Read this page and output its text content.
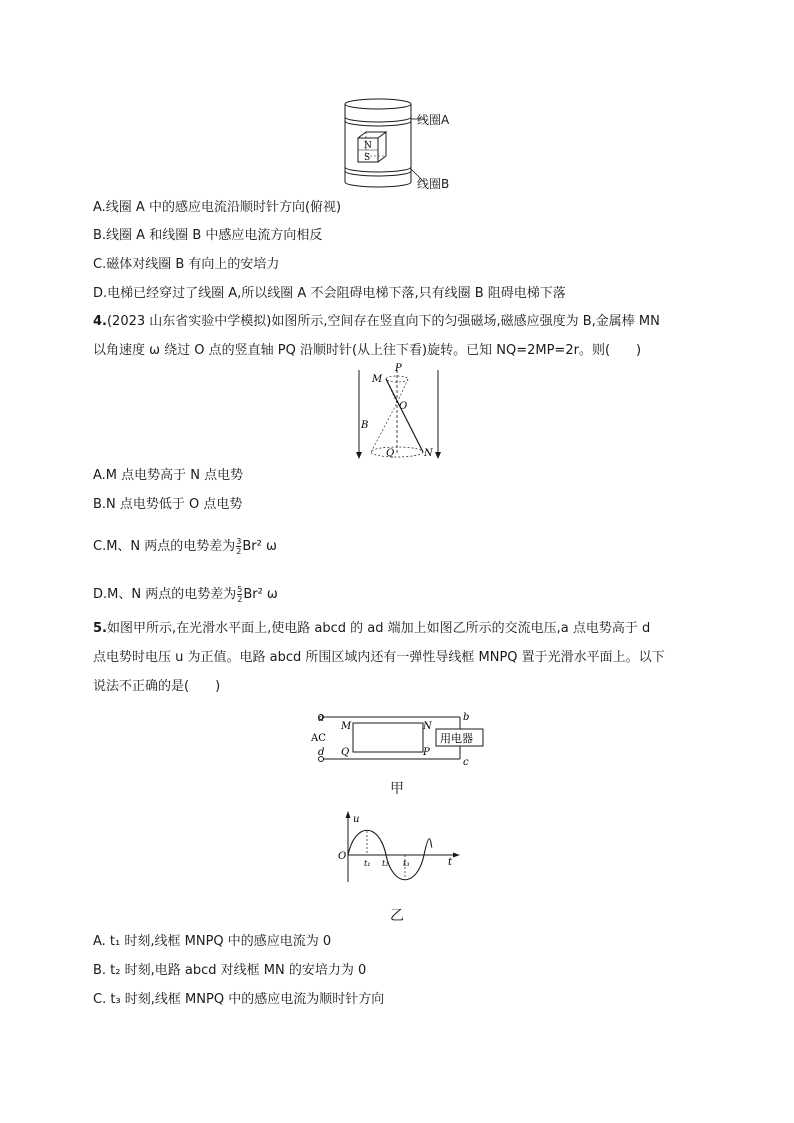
N
S
线圈A
线圈B
A.线圈 A 中的感应电流沿顺时针方向(俯视)
B.线圈 A 和线圈 B 中感应电流方向相反
C.磁体对线圈 B 有向上的安培力
D.电梯已经穿过了线圈 A,所以线圈 A 不会阻碍电梯下落,只有线圈 B 阻碍电梯下落
4.(2023 山东省实验中学模拟)如图所示,空间存在竖直向下的匀强磁场,磁感应强度为 B,金属棒 MN
以角速度 ω 绕过 O 点的竖直轴 PQ 沿顺时针(从上往下看)旋转。已知 NQ=2MP=2r。则(　　)
M
P
O
B
Q	N
A.M 点电势高于 N 点电势
B.N 点电势低于 O 点电势
C.M、N 两点的电势差为 $\frac{3}{2} Br^2$ ω
D.M、N 两点的电势差为 $\frac{5}{2} Br^2$ ω
5.如图甲所示,在光滑水平面上,使电路 abcd 的 ad 端加上如图乙所示的交流电压,a 点电势高于 d
点电势时电压 u 为正值。电路 abcd 所围区域内还有一弹性导线框 MNPQ 置于光滑水平面上。以下
说法不正确的是(　　)
用电器
a
AC
d
b
c
M	N
Q	P
甲
u
O
t
t₁ t₂ t₃
乙
A. t₁ 时刻,线框 MNPQ 中的感应电流为 0
B. t₂ 时刻,电路 abcd 对线框 MN 的安培力为 0
C. t₃ 时刻,线框 MNPQ 中的感应电流为顺时针方向
